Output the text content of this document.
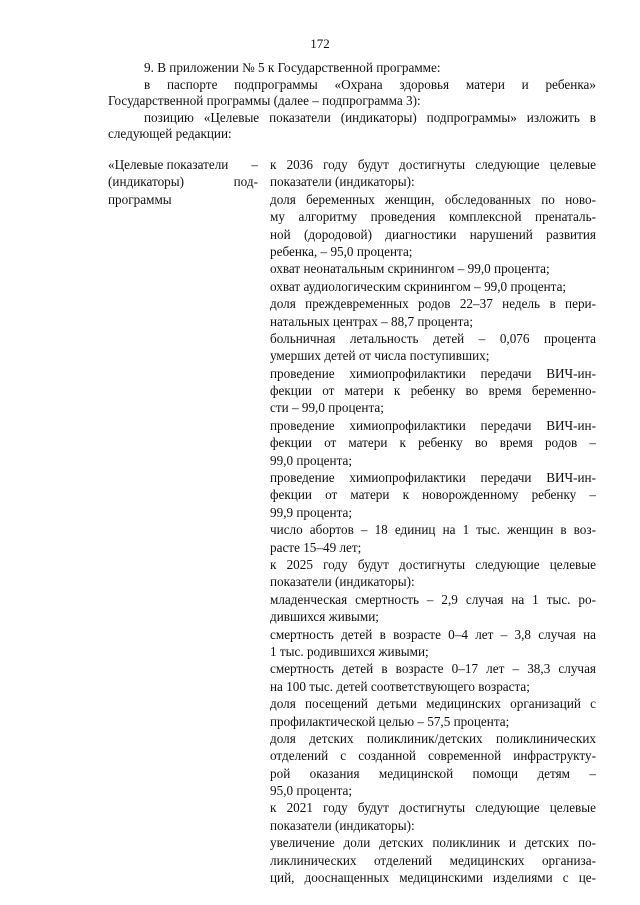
172

9. В приложении № 5 к Государственной программе:

в паспорте подпрограммы «Охрана здоровья матери и ребенка» Государственной программы (далее – подпрограмма 3):

позицию «Целевые показатели (индикаторы) подпрограммы» изложить в следующей редакции:

«Целевые показатели –
(индикаторы)	под-
программы
к 2036 году будут достигнуты следующие целевые
показатели (индикаторы):
доля беременных женщин, обследованных по ново-
му алгоритму проведения комплексной пренаталь-
ной (дородовой) диагностики нарушений развития
ребенка, – 95,0 процента;
охват неонатальным скринингом – 99,0 процента;
охват аудиологическим скринингом – 99,0 процента;
доля преждевременных родов 22–37 недель в пери-
натальных центрах – 88,7 процента;
больничная летальность детей – 0,076 процента
умерших детей от числа поступивших;
проведение химиопрофилактики передачи ВИЧ-ин-
фекции от матери к ребенку во время беременно-
сти – 99,0 процента;
проведение химиопрофилактики передачи ВИЧ-ин-
фекции от матери к ребенку во время родов –
99,0 процента;
проведение химиопрофилактики передачи ВИЧ-ин-
фекции от матери к новорожденному ребенку –
99,9 процента;
число абортов – 18 единиц на 1 тыс. женщин в воз-
расте 15–49 лет;
к 2025 году будут достигнуты следующие целевые
показатели (индикаторы):
младенческая смертность – 2,9 случая на 1 тыс. ро-
дившихся живыми;
смертность детей в возрасте 0–4 лет – 3,8 случая на
1 тыс. родившихся живыми;
смертность детей в возрасте 0–17 лет – 38,3 случая
на 100 тыс. детей соответствующего возраста;
доля посещений детьми медицинских организаций с
профилактической целью – 57,5 процента;
доля детских поликлиник/детских поликлинических
отделений с созданной современной инфраструкту-
рой оказания медицинской помощи детям –
95,0 процента;
к 2021 году будут достигнуты следующие целевые
показатели (индикаторы):
увеличение доли детских поликлиник и детских по-
ликлинических отделений медицинских организа-
ций, дооснащенных медицинскими изделиями с це-
